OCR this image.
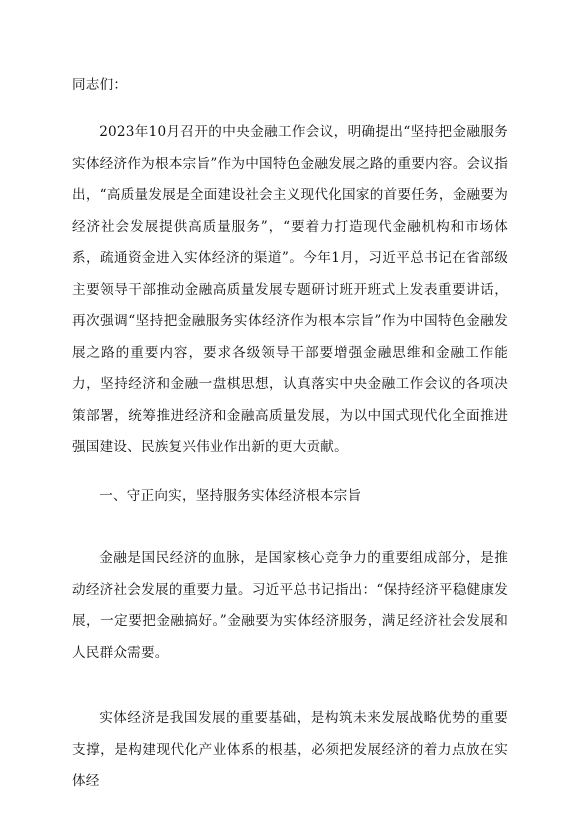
同志们：

2023年10月召开的中央金融工作会议，明确提出“坚持把金融服务实体经济作为根本宗旨”作为中国特色金融发展之路的重要内容。会议指出，“高质量发展是全面建设社会主义现代化国家的首要任务，金融要为经济社会发展提供高质量服务”，“要着力打造现代金融机构和市场体系，疏通资金进入实体经济的渠道”。今年1月，习近平总书记在省部级主要领导干部推动金融高质量发展专题研讨班开班式上发表重要讲话，再次强调“坚持把金融服务实体经济作为根本宗旨”作为中国特色金融发展之路的重要内容，要求各级领导干部要增强金融思维和金融工作能力，坚持经济和金融一盘棋思想，认真落实中央金融工作会议的各项决策部署，统筹推进经济和金融高质量发展，为以中国式现代化全面推进强国建设、民族复兴伟业作出新的更大贡献。

一、守正向实，坚持服务实体经济根本宗旨

金融是国民经济的血脉，是国家核心竞争力的重要组成部分，是推动经济社会发展的重要力量。习近平总书记指出：“保持经济平稳健康发展，一定要把金融搞好。”金融要为实体经济服务，满足经济社会发展和人民群众需要。

实体经济是我国发展的重要基础，是构筑未来发展战略优势的重要支撑，是构建现代化产业体系的根基，必须把发展经济的着力点放在实体经
